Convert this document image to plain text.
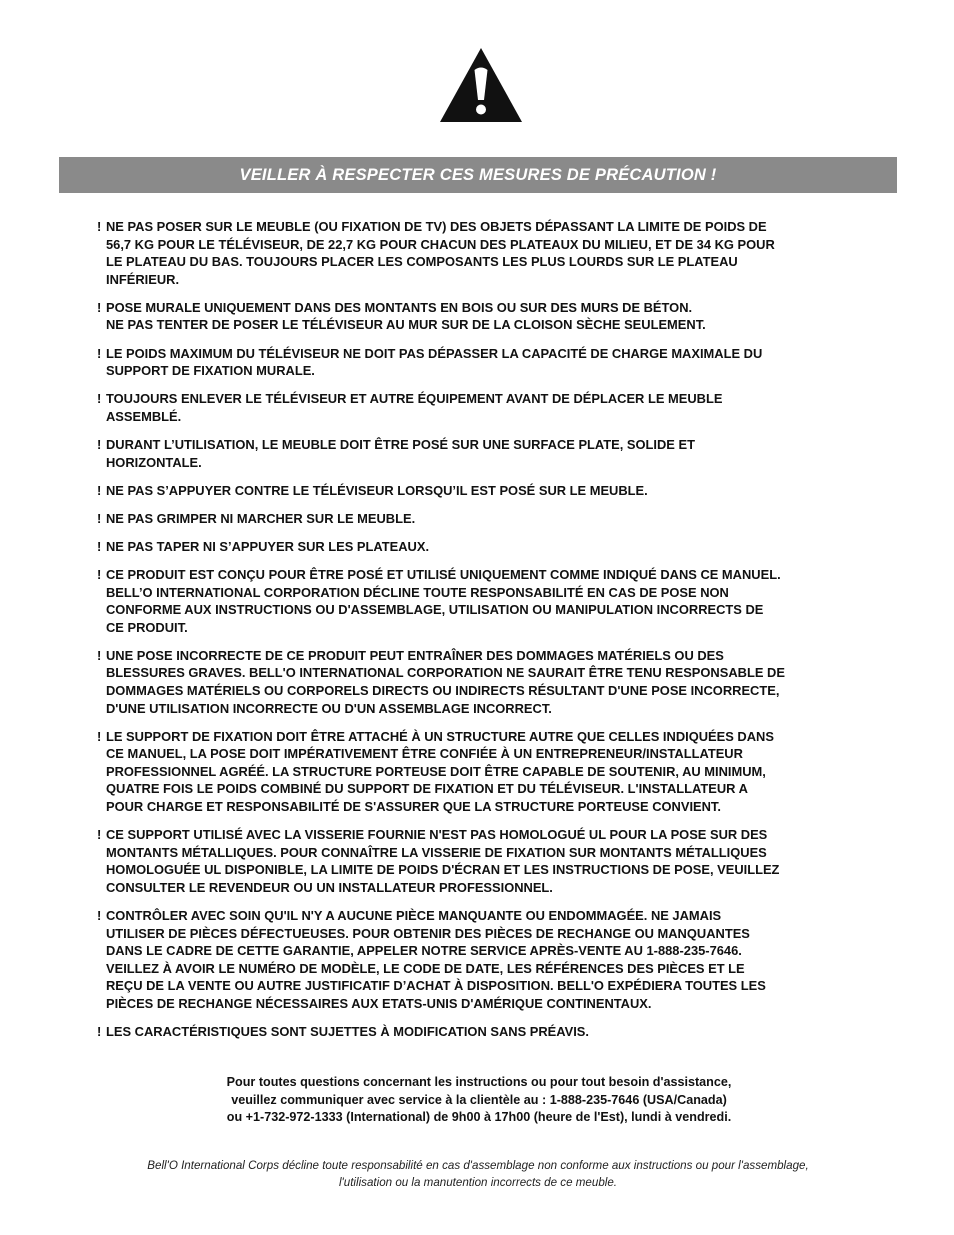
VEILLER À RESPECTER CES MESURES DE PRÉCAUTION !
! NE PAS POSER SUR LE MEUBLE (OU FIXATION DE TV) DES OBJETS DÉPASSANT LA LIMITE DE POIDS DE
56,7 KG POUR LE TÉLÉVISEUR, DE 22,7 KG POUR CHACUN DES PLATEAUX DU MILIEU, ET DE 34 KG POUR
LE PLATEAU DU BAS. TOUJOURS PLACER LES COMPOSANTS LES PLUS LOURDS SUR LE PLATEAU
INFÉRIEUR.
! POSE MURALE UNIQUEMENT DANS DES MONTANTS EN BOIS OU SUR DES MURS DE BÉTON.
NE PAS TENTER DE POSER LE TÉLÉVISEUR AU MUR SUR DE LA CLOISON SÈCHE SEULEMENT.
! LE POIDS MAXIMUM DU TÉLÉVISEUR NE DOIT PAS DÉPASSER LA CAPACITÉ DE CHARGE MAXIMALE DU
SUPPORT DE FIXATION MURALE.
! TOUJOURS ENLEVER LE TÉLÉVISEUR ET AUTRE ÉQUIPEMENT AVANT DE DÉPLACER LE MEUBLE
ASSEMBLÉ.
! DURANT L’UTILISATION, LE MEUBLE DOIT ÊTRE POSÉ SUR UNE SURFACE PLATE, SOLIDE ET
HORIZONTALE.
! NE PAS S’APPUYER CONTRE LE TÉLÉVISEUR LORSQU’IL EST POSÉ SUR LE MEUBLE.
! NE PAS GRIMPER NI MARCHER SUR LE MEUBLE.
! NE PAS TAPER NI S’APPUYER SUR LES PLATEAUX.
! CE PRODUIT EST CONÇU POUR ÊTRE POSÉ ET UTILISÉ UNIQUEMENT COMME INDIQUÉ DANS CE MANUEL.
BELL’O INTERNATIONAL CORPORATION DÉCLINE TOUTE RESPONSABILITÉ EN CAS DE POSE NON
CONFORME AUX INSTRUCTIONS OU D'ASSEMBLAGE, UTILISATION OU MANIPULATION INCORRECTS DE
CE PRODUIT.
! UNE POSE INCORRECTE DE CE PRODUIT PEUT ENTRAÎNER DES DOMMAGES MATÉRIELS OU DES
BLESSURES GRAVES. BELL'O INTERNATIONAL CORPORATION NE SAURAIT ÊTRE TENU RESPONSABLE DE
DOMMAGES MATÉRIELS OU CORPORELS DIRECTS OU INDIRECTS RÉSULTANT D'UNE POSE INCORRECTE,
D'UNE UTILISATION INCORRECTE OU D'UN ASSEMBLAGE INCORRECT.
! LE SUPPORT DE FIXATION DOIT ÊTRE ATTACHÉ À UN STRUCTURE AUTRE QUE CELLES INDIQUÉES DANS
CE MANUEL, LA POSE DOIT IMPÉRATIVEMENT ÊTRE CONFIÉE À UN ENTREPRENEUR/INSTALLATEUR
PROFESSIONNEL AGRÉÉ. LA STRUCTURE PORTEUSE DOIT ÊTRE CAPABLE DE SOUTENIR, AU MINIMUM,
QUATRE FOIS LE POIDS COMBINÉ DU SUPPORT DE FIXATION ET DU TÉLÉVISEUR. L'INSTALLATEUR A
POUR CHARGE ET RESPONSABILITÉ DE S'ASSURER QUE LA STRUCTURE PORTEUSE CONVIENT.
! CE SUPPORT UTILISÉ AVEC LA VISSERIE FOURNIE N'EST PAS HOMOLOGUÉ UL POUR LA POSE SUR DES
MONTANTS MÉTALLIQUES. POUR CONNAÎTRE LA VISSERIE DE FIXATION SUR MONTANTS MÉTALLIQUES
HOMOLOGUÉE UL DISPONIBLE, LA LIMITE DE POIDS D'ÉCRAN ET LES INSTRUCTIONS DE POSE, VEUILLEZ
CONSULTER LE REVENDEUR OU UN INSTALLATEUR PROFESSIONNEL.
! CONTRÔLER AVEC SOIN QU'IL N'Y A AUCUNE PIÈCE MANQUANTE OU ENDOMMAGÉE. NE JAMAIS
UTILISER DE PIÈCES DÉFECTUEUSES. POUR OBTENIR DES PIÈCES DE RECHANGE OU MANQUANTES
DANS LE CADRE DE CETTE GARANTIE, APPELER NOTRE SERVICE APRÈS-VENTE AU 1-888-235-7646.
VEILLEZ À AVOIR LE NUMÉRO DE MODÈLE, LE CODE DE DATE, LES RÉFÉRENCES DES PIÈCES ET LE
REÇU DE LA VENTE OU AUTRE JUSTIFICATIF D’ACHAT À DISPOSITION. BELL'O EXPÉDIERA TOUTES LES
PIÈCES DE RECHANGE NÉCESSAIRES AUX ETATS-UNIS D'AMÉRIQUE CONTINENTAUX.
! LES CARACTÉRISTIQUES SONT SUJETTES À MODIFICATION SANS PRÉAVIS.
Pour toutes questions concernant les instructions ou pour tout besoin d'assistance,
veuillez communiquer avec service à la clientèle au : 1-888-235-7646 (USA/Canada)
ou +1-732-972-1333 (International) de 9h00 à 17h00 (heure de l'Est), lundi à vendredi.
Bell'O International Corps décline toute responsabilité en cas d'assemblage non conforme aux instructions ou pour l'assemblage,
l'utilisation ou la manutention incorrects de ce meuble.
